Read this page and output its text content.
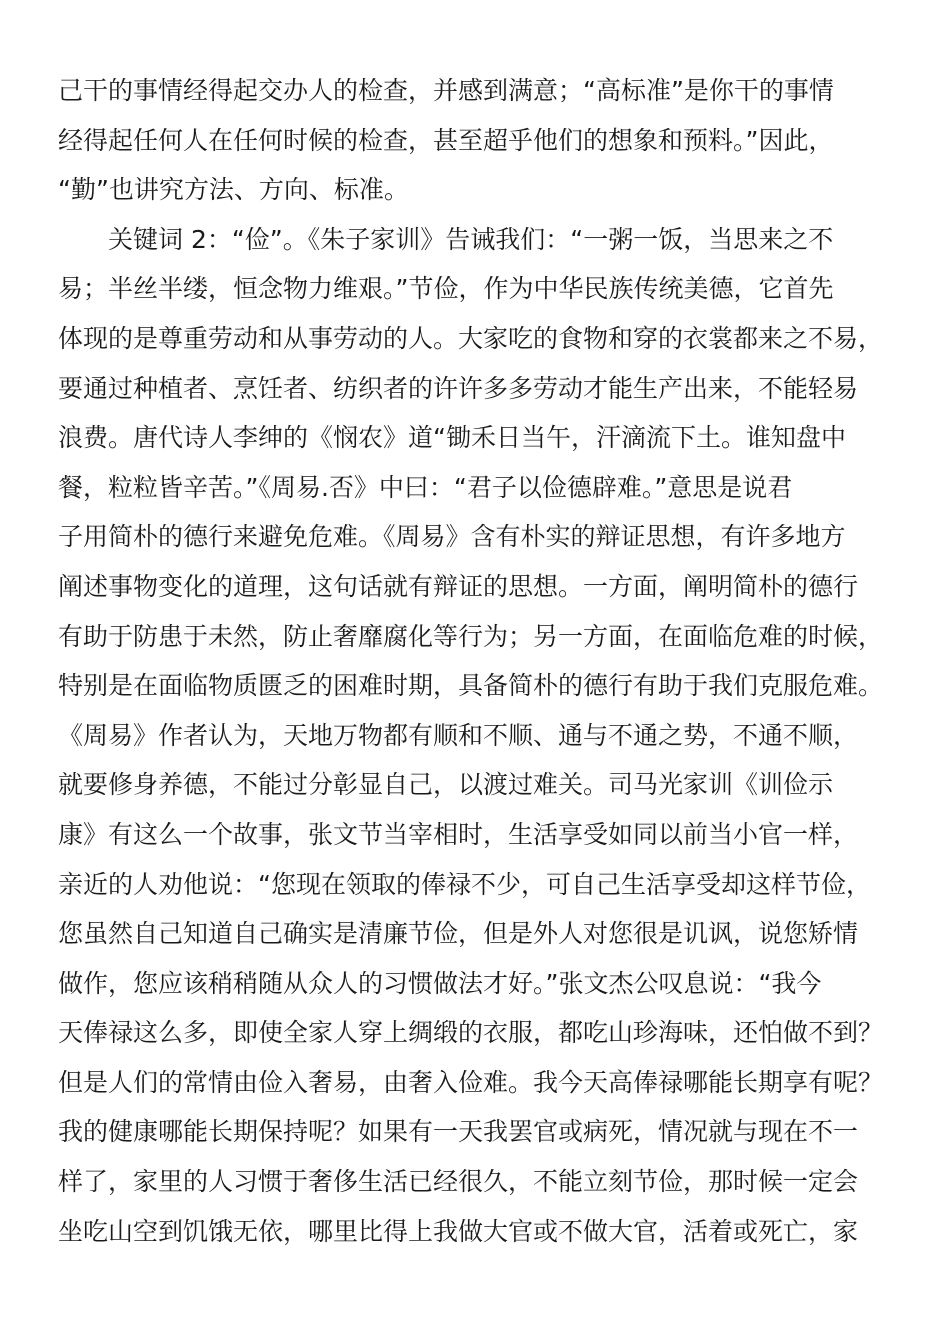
己干的事情经得起交办人的检查，并感到满意；“高标准”是你干的事情
经得起任何人在任何时候的检查，甚至超乎他们的想象和预料。”因此，
“勤”也讲究方法、方向、标准。
　　关键词 2：“俭”。《朱子家训》告诫我们：“一粥一饭，当思来之不
易；半丝半缕，恒念物力维艰。”节俭，作为中华民族传统美德，它首先
体现的是尊重劳动和从事劳动的人。大家吃的食物和穿的衣裳都来之不易，
要通过种植者、烹饪者、纺织者的许许多多劳动才能生产出来，不能轻易
浪费。唐代诗人李绅的《悯农》道“锄禾日当午，汗滴流下土。谁知盘中
餐，粒粒皆辛苦。”《周易.否》中曰：“君子以俭德辟难。”意思是说君
子用简朴的德行来避免危难。《周易》含有朴实的辩证思想，有许多地方
阐述事物变化的道理，这句话就有辩证的思想。一方面，阐明简朴的德行
有助于防患于未然，防止奢靡腐化等行为；另一方面，在面临危难的时候，
特别是在面临物质匮乏的困难时期，具备简朴的德行有助于我们克服危难。
《周易》作者认为，天地万物都有顺和不顺、通与不通之势，不通不顺，
就要修身养德，不能过分彰显自己，以渡过难关。司马光家训《训俭示
康》有这么一个故事，张文节当宰相时，生活享受如同以前当小官一样，
亲近的人劝他说：“您现在领取的俸禄不少，可自己生活享受却这样节俭，
您虽然自己知道自己确实是清廉节俭，但是外人对您很是讥讽，说您矫情
做作，您应该稍稍随从众人的习惯做法才好。”张文杰公叹息说：“我今
天俸禄这么多，即使全家人穿上绸缎的衣服，都吃山珍海味，还怕做不到？
但是人们的常情由俭入奢易，由奢入俭难。我今天高俸禄哪能长期享有呢？
我的健康哪能长期保持呢？如果有一天我罢官或病死，情况就与现在不一
样了，家里的人习惯于奢侈生活已经很久，不能立刻节俭，那时候一定会
坐吃山空到饥饿无依，哪里比得上我做大官或不做大官，活着或死亡，家
